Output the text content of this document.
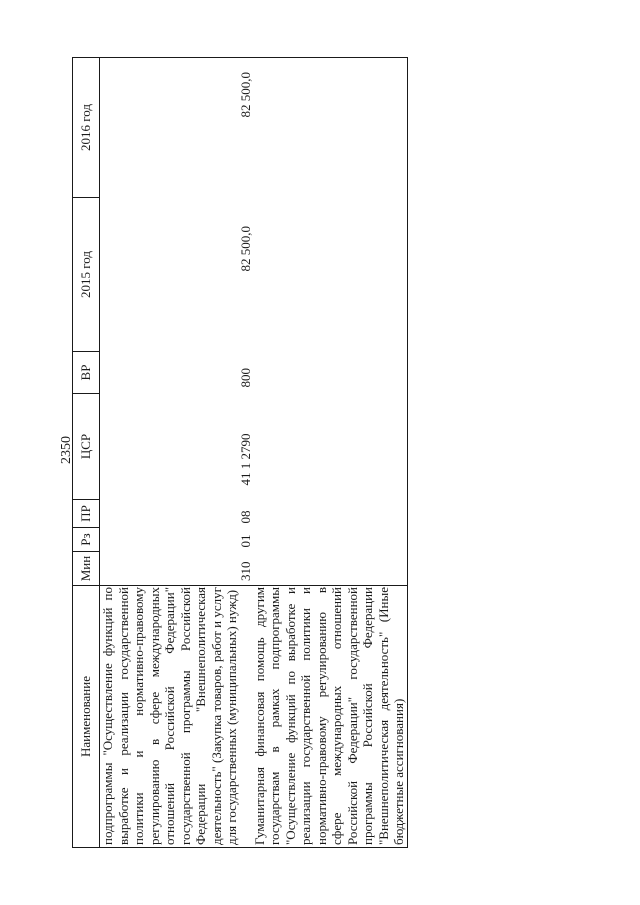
2350
Наименование	Мин	Рз	ПР	ЦСР	ВР	2015 год	2016 год

подпрограммы "Осуществление функций по выработке и реализации государственной политики и нормативно-правовому регулированию в сфере международных отношений Российской Федерации" государственной программы Российской Федерации "Внешнеполитическая деятельность" (Закупка товаров, работ и услуг для государственных (муниципальных) нужд)							

Гуманитарная финансовая помощь другим государствам в рамках подпрограммы "Осуществление функций по выработке и реализации государственной политики и нормативно-правовому регулированию в сфере международных отношений Российской Федерации" государственной программы Российской Федерации "Внешнеполитическая деятельность" (Иные бюджетные ассигнования)	310	01	08	41 1 2790	800	82 500,0	82 500,0
